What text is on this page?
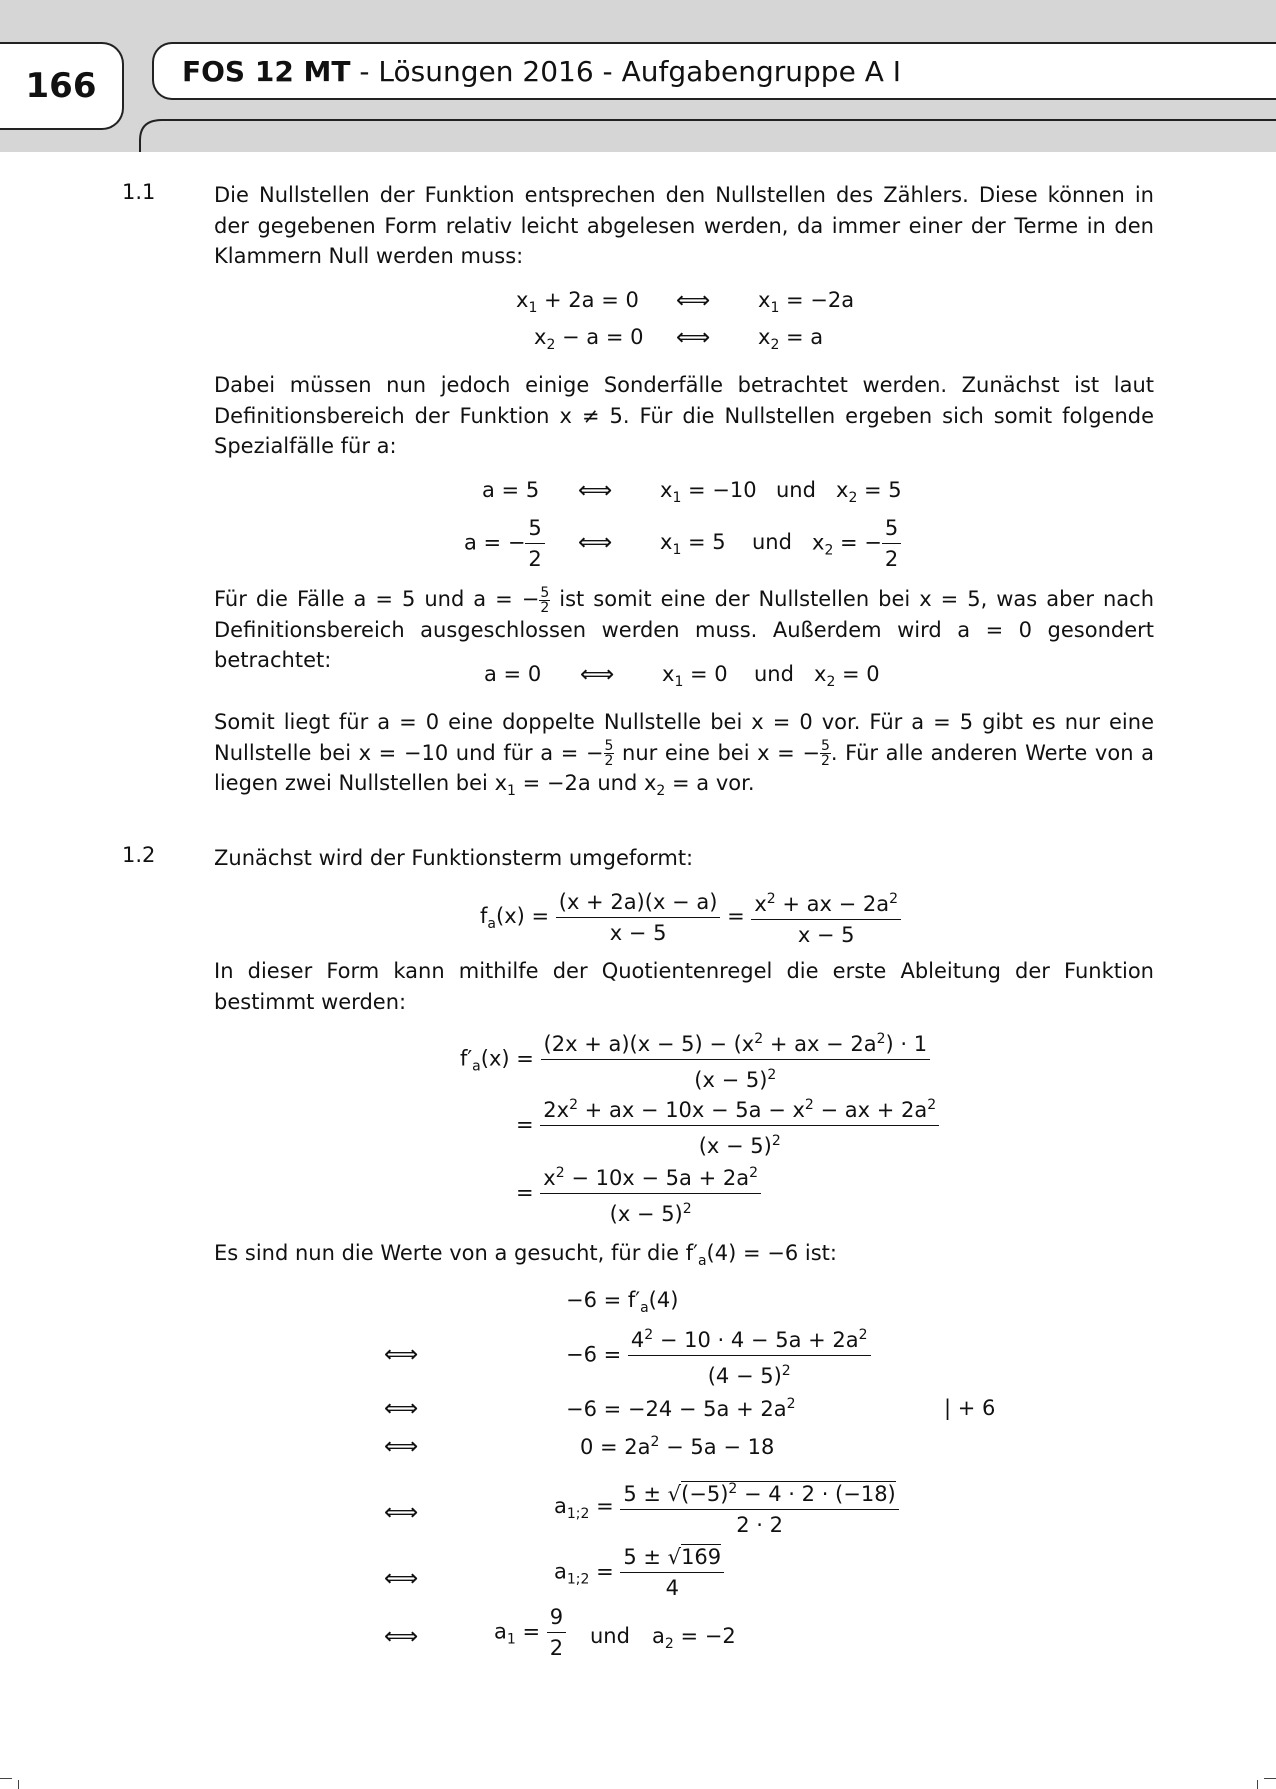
166	FOS 12 MT - Lösungen 2016 - Aufgabengruppe A I
1.1	Die Nullstellen der Funktion entsprechen den Nullstellen des Zählers. Diese können in der gegebenen Form relativ leicht abgelesen werden, da immer einer der Terme in den Klammern Null werden muss:
$x_1 + 2a = 0$ ⟺ $x_1 = -2a$
$x_2 - a = 0$ ⟺ $x_2 = a$
Dabei müssen nun jedoch einige Sonderfälle betrachtet werden. Zunächst ist laut Definitionsbereich der Funktion x ≠ 5. Für die Nullstellen ergeben sich somit folgende Spezialfälle für a:
a = 5 ⟺ $x_1 = -10$ und $x_2 = 5$
a = − $\frac{5}{2}$ ⟺ $x_1 = 5$ und $x_2$ = − $\frac{5}{2}$
Für die Fälle a = 5 und a = − $\frac{5}{2}$ ist somit eine der Nullstellen bei x = 5, was aber nach Definitionsbereich ausgeschlossen werden muss. Außerdem wird a = 0 gesondert betrachtet:
a = 0 ⟺ $x_1 = 0$ und $x_2 = 0$
Somit liegt für a = 0 eine doppelte Nullstelle bei x = 0 vor. Für a = 5 gibt es nur eine Nullstelle bei x = −10 und für a = − $\frac{5}{2}$ nur eine bei x = − $\frac{5}{2}$ . Für alle anderen Werte von a liegen zwei Nullstellen bei $x_1 = -2a$ und $x_2 = a$ vor.
1.2	Zunächst wird der Funktionsterm umgeformt:
$f_a(x) = \frac{(x + 2a)(x - a)}{x - 5} = \frac{x^2 + ax - 2a^2}{x - 5}$
In dieser Form kann mithilfe der Quotientenregel die erste Ableitung der Funktion bestimmt werden:
$f'_a(x) = \frac{(2x + a)(x - 5) - (x^2 + ax - 2a^2) \cdot 1}{(x - 5)^2}$
= $\frac{2x^2 + ax - 10x - 5a - x^2 - ax + 2a^2}{(x - 5)^2}$
= $\frac{x^2 - 10x - 5a + 2a^2}{(x - 5)^2}$
Es sind nun die Werte von a gesucht, für die $f'_a(4) = -6$ ist:
$-6 = f'_a(4)$
⟺	$-6 = \frac{4^2 - 10 \cdot 4 - 5a + 2a^2}{(4 - 5)^2}$
⟺	$-6 = -24 - 5a + 2a^2$	| + 6
⟺	$0 = 2a^2 - 5a - 18$
⟺	$a_{1;2} = \frac{5 \pm √(-5)^2 - 4 \cdot 2 \cdot (-18)}{2 \cdot 2}$
⟺	$a_{1;2} = \frac{5 \pm √169}{4}$
⟺	$a_1 = \frac{9}{2}$ und $a_2 = -2$
